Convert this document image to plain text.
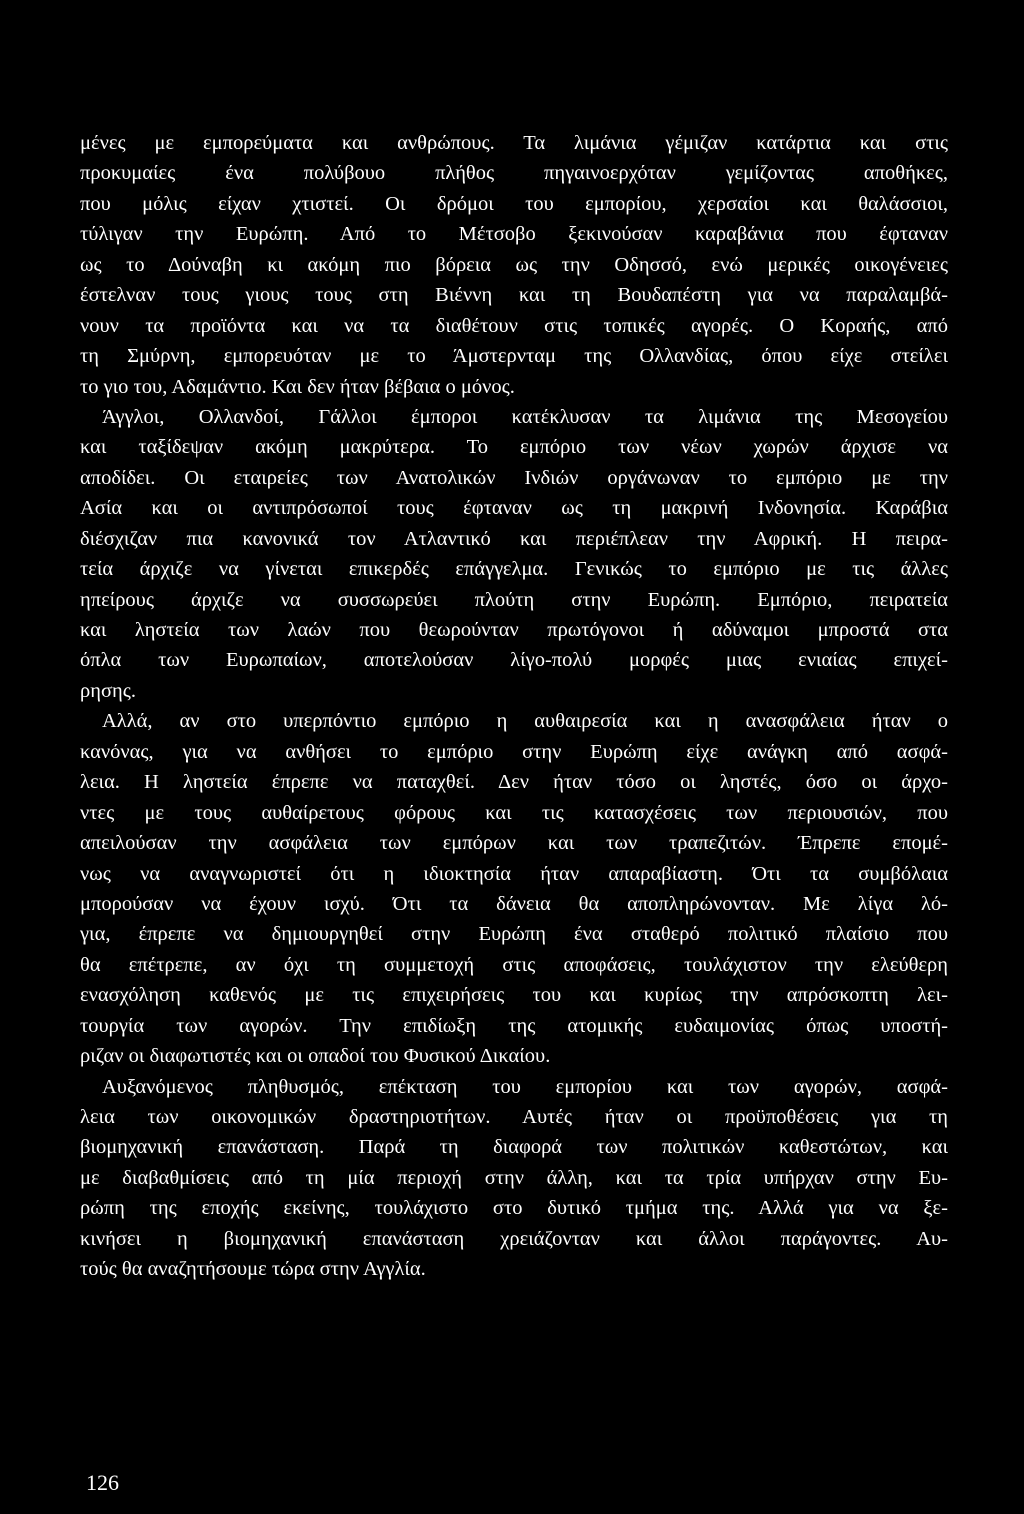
μένες με εμπορεύματα και ανθρώπους. Τα λιμάνια γέμιζαν κατάρτια και στις
προκυμαίες ένα πολύβουο πλήθος πηγαινοερχόταν γεμίζοντας αποθήκες,
που μόλις είχαν χτιστεί. Οι δρόμοι του εμπορίου, χερσαίοι και θαλάσσιοι,
τύλιγαν την Ευρώπη. Από το Μέτσοβο ξεκινούσαν καραβάνια που έφταναν
ως το Δούναβη κι ακόμη πιο βόρεια ως την Οδησσό, ενώ μερικές οικογένειες
έστελναν τους γιους τους στη Βιέννη και τη Βουδαπέστη για να παραλαμβά-
νουν τα προϊόντα και να τα διαθέτουν στις τοπικές αγορές. Ο Κοραής, από
τη Σμύρνη, εμπορευόταν με το Άμστερνταμ της Ολλανδίας, όπου είχε στείλει
το γιο του, Αδαμάντιο. Και δεν ήταν βέβαια ο μόνος.
Άγγλοι, Ολλανδοί, Γάλλοι έμποροι κατέκλυσαν τα λιμάνια της Μεσογείου
και ταξίδεψαν ακόμη μακρύτερα. Το εμπόριο των νέων χωρών άρχισε να
αποδίδει. Οι εταιρείες των Ανατολικών Ινδιών οργάνωναν το εμπόριο με την
Ασία και οι αντιπρόσωποί τους έφταναν ως τη μακρινή Ινδονησία. Καράβια
διέσχιζαν πια κανονικά τον Ατλαντικό και περιέπλεαν την Αφρική. Η πειρα-
τεία άρχιζε να γίνεται επικερδές επάγγελμα. Γενικώς το εμπόριο με τις άλλες
ηπείρους άρχιζε να συσσωρεύει πλούτη στην Ευρώπη. Εμπόριο, πειρατεία
και ληστεία των λαών που θεωρούνταν πρωτόγονοι ή αδύναμοι μπροστά στα
όπλα των Ευρωπαίων, αποτελούσαν λίγο-πολύ μορφές μιας ενιαίας επιχεί-
ρησης.
Αλλά, αν στο υπερπόντιο εμπόριο η αυθαιρεσία και η ανασφάλεια ήταν ο
κανόνας, για να ανθήσει το εμπόριο στην Ευρώπη είχε ανάγκη από ασφά-
λεια. Η ληστεία έπρεπε να παταχθεί. Δεν ήταν τόσο οι ληστές, όσο οι άρχο-
ντες με τους αυθαίρετους φόρους και τις κατασχέσεις των περιουσιών, που
απειλούσαν την ασφάλεια των εμπόρων και των τραπεζιτών. Έπρεπε επομέ-
νως να αναγνωριστεί ότι η ιδιοκτησία ήταν απαραβίαστη. Ότι τα συμβόλαια
μπορούσαν να έχουν ισχύ. Ότι τα δάνεια θα αποπληρώνονταν. Με λίγα λό-
για, έπρεπε να δημιουργηθεί στην Ευρώπη ένα σταθερό πολιτικό πλαίσιο που
θα επέτρεπε, αν όχι τη συμμετοχή στις αποφάσεις, τουλάχιστον την ελεύθερη
ενασχόληση καθενός με τις επιχειρήσεις του και κυρίως την απρόσκοπτη λει-
τουργία των αγορών. Την επιδίωξη της ατομικής ευδαιμονίας όπως υποστή-
ριζαν οι διαφωτιστές και οι οπαδοί του Φυσικού Δικαίου.
Αυξανόμενος πληθυσμός, επέκταση του εμπορίου και των αγορών, ασφά-
λεια των οικονομικών δραστηριοτήτων. Αυτές ήταν οι προϋποθέσεις για τη
βιομηχανική επανάσταση. Παρά τη διαφορά των πολιτικών καθεστώτων, και
με διαβαθμίσεις από τη μία περιοχή στην άλλη, και τα τρία υπήρχαν στην Ευ-
ρώπη της εποχής εκείνης, τουλάχιστο στο δυτικό τμήμα της. Αλλά για να ξε-
κινήσει η βιομηχανική επανάσταση χρειάζονταν και άλλοι παράγοντες. Αυ-
τούς θα αναζητήσουμε τώρα στην Αγγλία.
126
